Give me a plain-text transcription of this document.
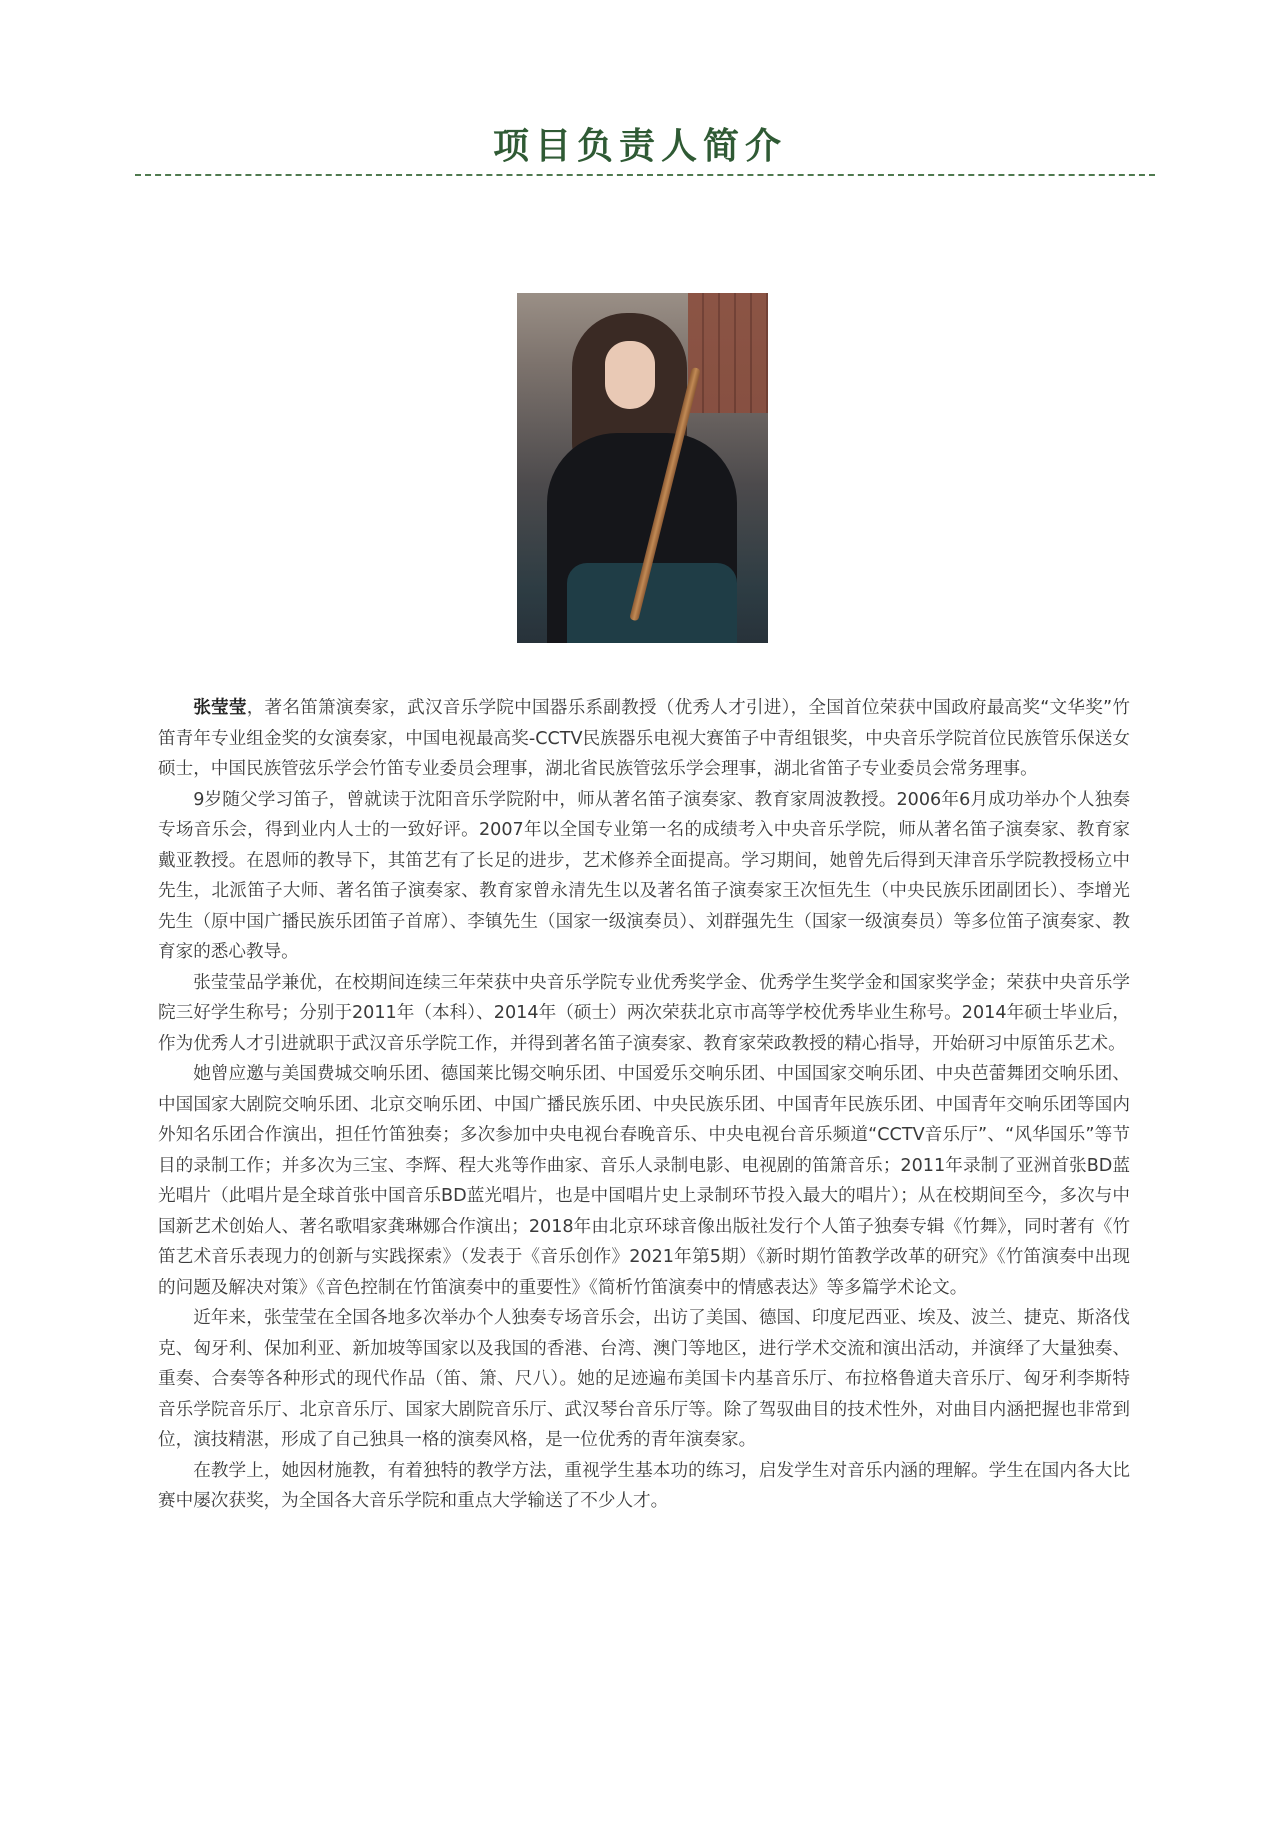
项目负责人简介

张莹莹，著名笛箫演奏家，武汉音乐学院中国器乐系副教授（优秀人才引进），全国首位荣获中国政府最高奖“文华奖”竹笛青年专业组金奖的女演奏家，中国电视最高奖-CCTV民族器乐电视大赛笛子中青组银奖，中央音乐学院首位民族管乐保送女硕士，中国民族管弦乐学会竹笛专业委员会理事，湖北省民族管弦乐学会理事，湖北省笛子专业委员会常务理事。

9岁随父学习笛子，曾就读于沈阳音乐学院附中，师从著名笛子演奏家、教育家周波教授。2006年6月成功举办个人独奏专场音乐会，得到业内人士的一致好评。2007年以全国专业第一名的成绩考入中央音乐学院，师从著名笛子演奏家、教育家戴亚教授。在恩师的教导下，其笛艺有了长足的进步，艺术修养全面提高。学习期间，她曾先后得到天津音乐学院教授杨立中先生，北派笛子大师、著名笛子演奏家、教育家曾永清先生以及著名笛子演奏家王次恒先生（中央民族乐团副团长）、李增光先生（原中国广播民族乐团笛子首席）、李镇先生（国家一级演奏员）、刘群强先生（国家一级演奏员）等多位笛子演奏家、教育家的悉心教导。

张莹莹品学兼优，在校期间连续三年荣获中央音乐学院专业优秀奖学金、优秀学生奖学金和国家奖学金；荣获中央音乐学院三好学生称号；分别于2011年（本科）、2014年（硕士）两次荣获北京市高等学校优秀毕业生称号。2014年硕士毕业后，作为优秀人才引进就职于武汉音乐学院工作，并得到著名笛子演奏家、教育家荣政教授的精心指导，开始研习中原笛乐艺术。

她曾应邀与美国费城交响乐团、德国莱比锡交响乐团、中国爱乐交响乐团、中国国家交响乐团、中央芭蕾舞团交响乐团、中国国家大剧院交响乐团、北京交响乐团、中国广播民族乐团、中央民族乐团、中国青年民族乐团、中国青年交响乐团等国内外知名乐团合作演出，担任竹笛独奏；多次参加中央电视台春晚音乐、中央电视台音乐频道“CCTV音乐厅”、“风华国乐”等节目的录制工作；并多次为三宝、李辉、程大兆等作曲家、音乐人录制电影、电视剧的笛箫音乐；2011年录制了亚洲首张BD蓝光唱片（此唱片是全球首张中国音乐BD蓝光唱片，也是中国唱片史上录制环节投入最大的唱片）；从在校期间至今，多次与中国新艺术创始人、著名歌唱家龚琳娜合作演出；2018年由北京环球音像出版社发行个人笛子独奏专辑《竹舞》，同时著有《竹笛艺术音乐表现力的创新与实践探索》（发表于《音乐创作》2021年第5期）《新时期竹笛教学改革的研究》《竹笛演奏中出现的问题及解决对策》《音色控制在竹笛演奏中的重要性》《简析竹笛演奏中的情感表达》等多篇学术论文。

近年来，张莹莹在全国各地多次举办个人独奏专场音乐会，出访了美国、德国、印度尼西亚、埃及、波兰、捷克、斯洛伐克、匈牙利、保加利亚、新加坡等国家以及我国的香港、台湾、澳门等地区，进行学术交流和演出活动，并演绎了大量独奏、重奏、合奏等各种形式的现代作品（笛、箫、尺八）。她的足迹遍布美国卡内基音乐厅、布拉格鲁道夫音乐厅、匈牙利李斯特音乐学院音乐厅、北京音乐厅、国家大剧院音乐厅、武汉琴台音乐厅等。除了驾驭曲目的技术性外，对曲目内涵把握也非常到位，演技精湛，形成了自己独具一格的演奏风格，是一位优秀的青年演奏家。

在教学上，她因材施教，有着独特的教学方法，重视学生基本功的练习，启发学生对音乐内涵的理解。学生在国内各大比赛中屡次获奖，为全国各大音乐学院和重点大学输送了不少人才。
